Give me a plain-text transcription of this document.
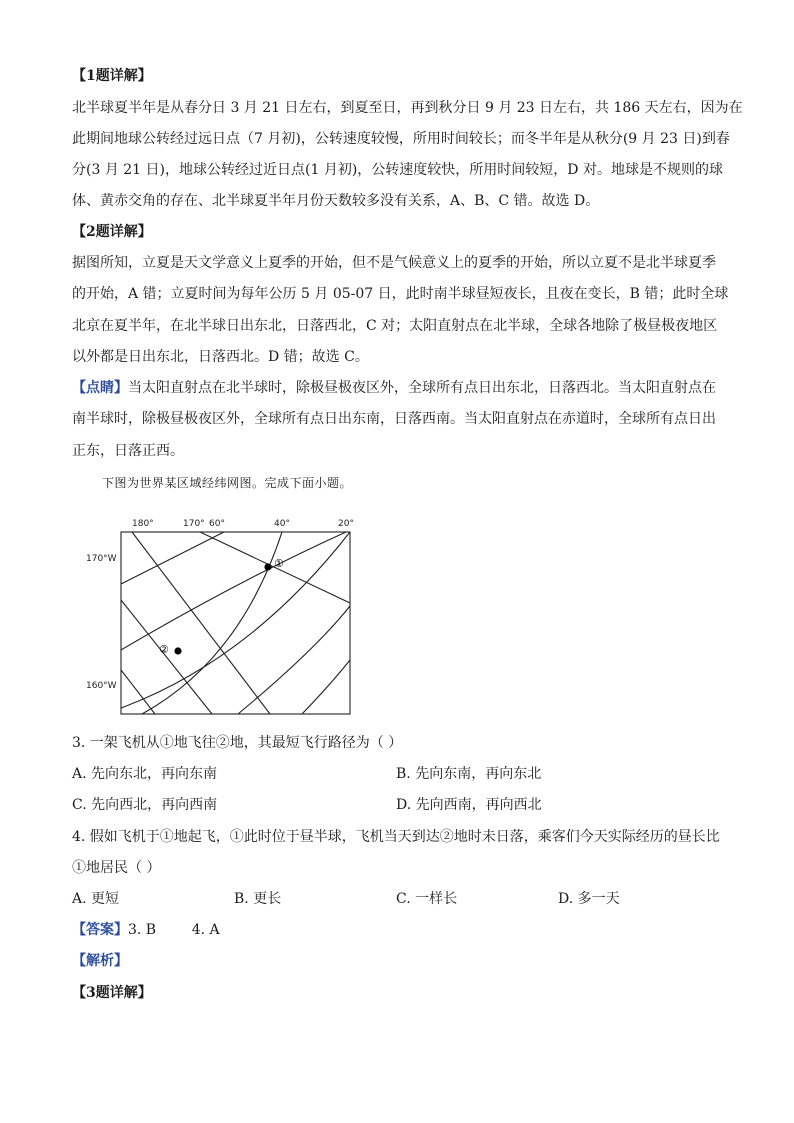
【1题详解】
北半球夏半年是从春分日 3 月 21 日左右，到夏至日，再到秋分日 9 月 23 日左右，共 186 天左右，因为在
此期间地球公转经过远日点（7 月初)，公转速度较慢，所用时间较长；而冬半年是从秋分(9 月 23 日)到春
分(3 月 21 日)，地球公转经过近日点(1 月初)，公转速度较快，所用时间较短，D 对。地球是不规则的球
体、黄赤交角的存在、北半球夏半年月份天数较多没有关系，A、B、C 错。故选 D。
【2题详解】
据图所知，立夏是天文学意义上夏季的开始，但不是气候意义上的夏季的开始，所以立夏不是北半球夏季
的开始，A 错；立夏时间为每年公历 5 月 05-07 日，此时南半球昼短夜长，且夜在变长，B 错；此时全球
北京在夏半年，在北半球日出东北，日落西北，C 对；太阳直射点在北半球，全球各地除了极昼极夜地区
以外都是日出东北，日落西北。D 错；故选 C。
【点睛】当太阳直射点在北半球时，除极昼极夜区外，全球所有点日出东北，日落西北。当太阳直射点在
南半球时，除极昼极夜区外，全球所有点日出东南，日落西南。当太阳直射点在赤道时，全球所有点日出
正东，日落正西。
下图为世界某区域经纬网图。完成下面小题。
180°	170° 60°	40°	20°
170°W
160°W
①
②
3. 一架飞机从①地飞往②地，其最短飞行路径为（ ）
A. 先向东北，再向东南	B. 先向东南，再向东北
C. 先向西北，再向西南	D. 先向西南，再向西北
4. 假如飞机于①地起飞，①此时位于昼半球，飞机当天到达②地时未日落，乘客们今天实际经历的昼长比
①地居民（ ）
A. 更短	B. 更长	C. 一样长	D. 多一天
【答案】3. B        4. A
【解析】
【3题详解】
